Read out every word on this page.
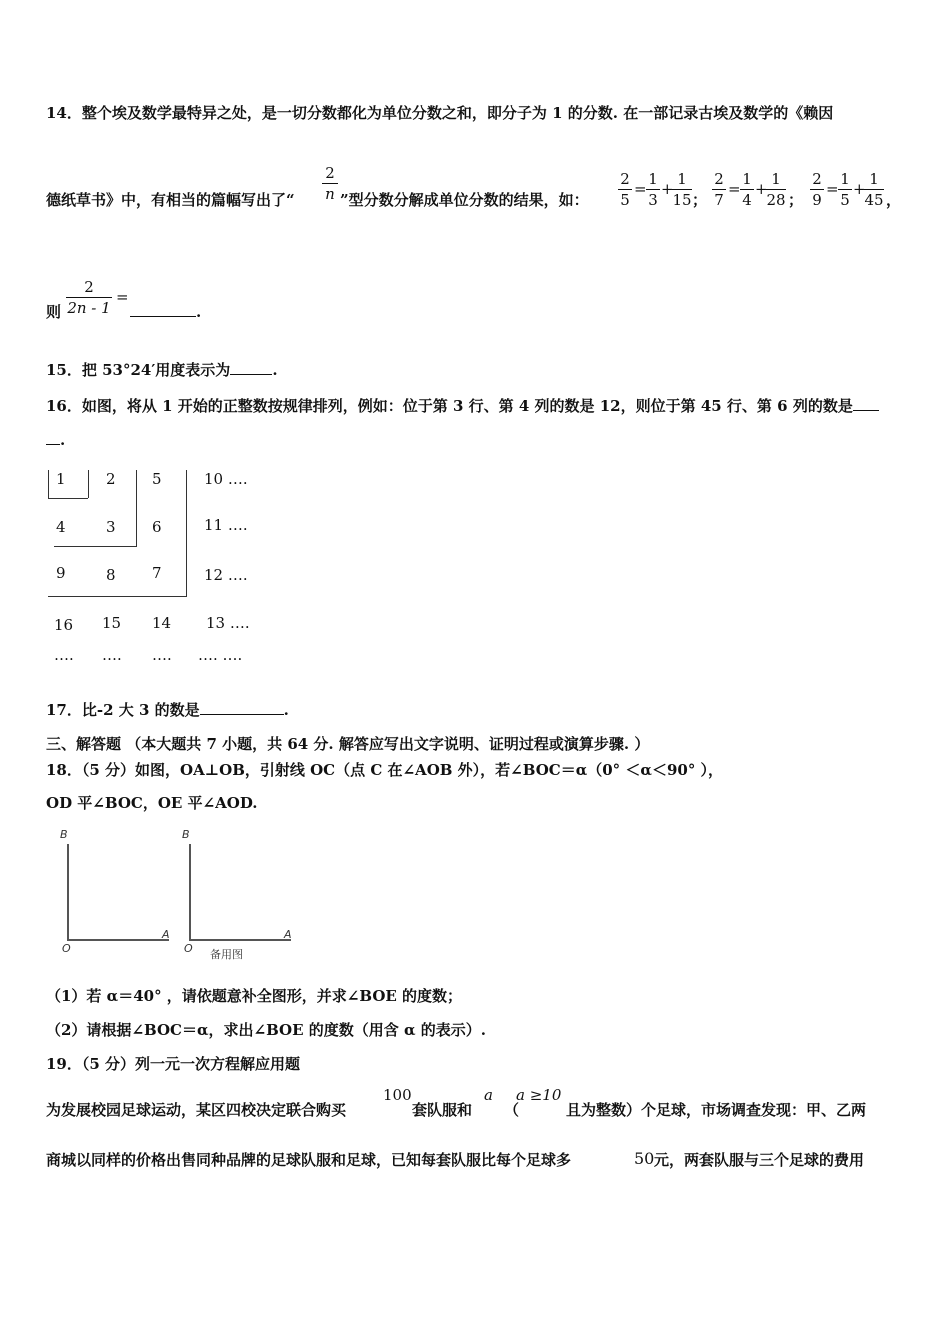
14．整个埃及数学最特异之处，是一切分数都化为单位分数之和，即分子为 1 的分数. 在一部记录古埃及数学的《赖因
德纸草书》中，有相当的篇幅写出了“
2
n ”型分数分解成单位分数的结果，如：
2
5
=
1
3
+
1
15 ；
2
7
=
1
4
+
1
28 ；
2
9
=
1
5
+
1
45 ，
则
2
2n - 1
=
.
15．把 53°24′用度表示为	.
16．如图，将从 1 开始的正整数按规律排列，例如：位于第 3 行、第 4 列的数是 12，则位于第 45 行、第 6 列的数是
.
1	2 5	10 ….
4	3 6	11 ….
9	8 7	12 ….
16 15 14 13 ….
…. …. …. …. ….
17．比-2 大 3 的数是	.
三、解答题 （本大题共 7 小题，共 64 分. 解答应写出文字说明、证明过程或演算步骤. ）
18．（5 分）如图，OA⊥OB，引射线 OC（点 C 在∠AOB 外），若∠BOC＝α（0° ＜α＜90° ），
OD 平∠BOC，OE 平∠AOD.
B
O
A
B
O
A
备用图
（1）若 α＝40° ，请依题意补全图形，并求∠BOE 的度数；
（2）请根据∠BOC＝α，求出∠BOE 的度数（用含 α 的表示）.
19．（5 分）列一元一次方程解应用题
为发展校园足球运动，某区四校决定联合购买
100
套队服和
a
（
a ≥10
且为整数）个足球，市场调查发现：甲、乙两
商城以同样的价格出售同种品牌的足球队服和足球，已知每套队服比每个足球多	50 元，两套队服与三个足球的费用
